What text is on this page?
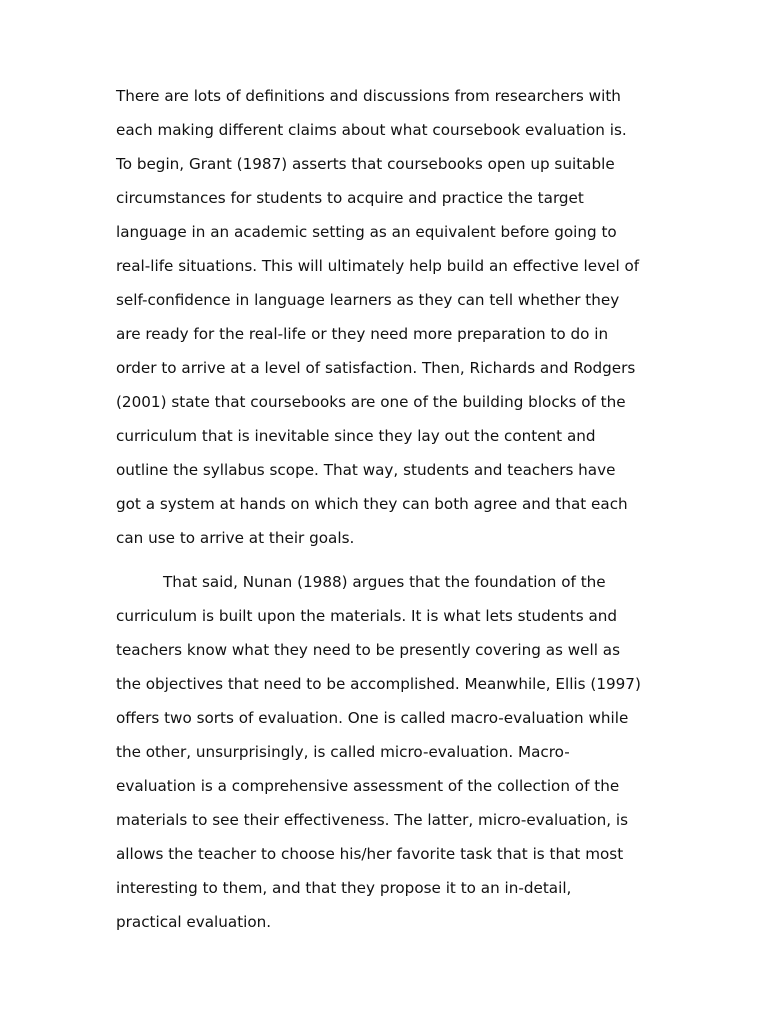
There are lots of definitions and discussions from researchers with
each making different claims about what coursebook evaluation is.
To begin, Grant (1987) asserts that coursebooks open up suitable
circumstances for students to acquire and practice the target
language in an academic setting as an equivalent before going to
real-life situations. This will ultimately help build an effective level of
self-confidence in language learners as they can tell whether they
are ready for the real-life or they need more preparation to do in
order to arrive at a level of satisfaction. Then, Richards and Rodgers
(2001) state that coursebooks are one of the building blocks of the
curriculum that is inevitable since they lay out the content and
outline the syllabus scope. That way, students and teachers have
got a system at hands on which they can both agree and that each
can use to arrive at their goals.
That said, Nunan (1988) argues that the foundation of the
curriculum is built upon the materials. It is what lets students and
teachers know what they need to be presently covering as well as
the objectives that need to be accomplished. Meanwhile, Ellis (1997)
offers two sorts of evaluation. One is called macro-evaluation while
the other, unsurprisingly, is called micro-evaluation. Macro-
evaluation is a comprehensive assessment of the collection of the
materials to see their effectiveness. The latter, micro-evaluation, is
allows the teacher to choose his/her favorite task that is that most
interesting to them, and that they propose it to an in-detail,
practical evaluation.
